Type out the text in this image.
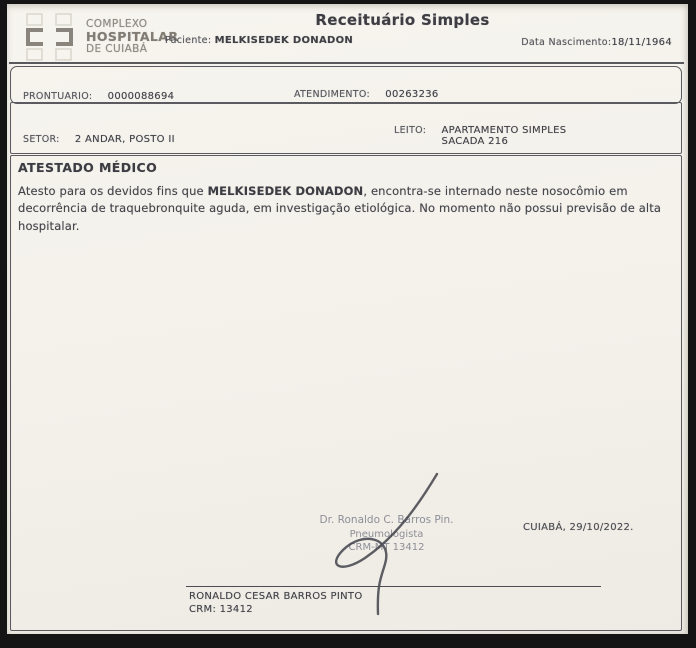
COMPLEXO
HOSPITALAR
DE CUIABÁ
Receituário Simples
Paciente: MELKISEDEK DONADON	Data Nascimento:18/11/1964
PRONTUARIO: 0000088694	ATENDIMENTO: 00263236
SETOR: 2 ANDAR, POSTO II
$^{LEITO:}$ APARTAMENTO SIMPLES
SACADA 216
ATESTADO MÉDICO

Atesto para os devidos fins que MELKISEDEK DONADON, encontra-se internado neste nosocômio em decorrência de traquebronquite aguda, em investigação etiológica. No momento não possui previsão de alta hospitalar.

Dr. Ronaldo C. Barros Pin.
Pneumologista
CRM-MT 13412
CUIABÁ, 29/10/2022.
RONALDO CESAR BARROS PINTO
CRM: 13412
